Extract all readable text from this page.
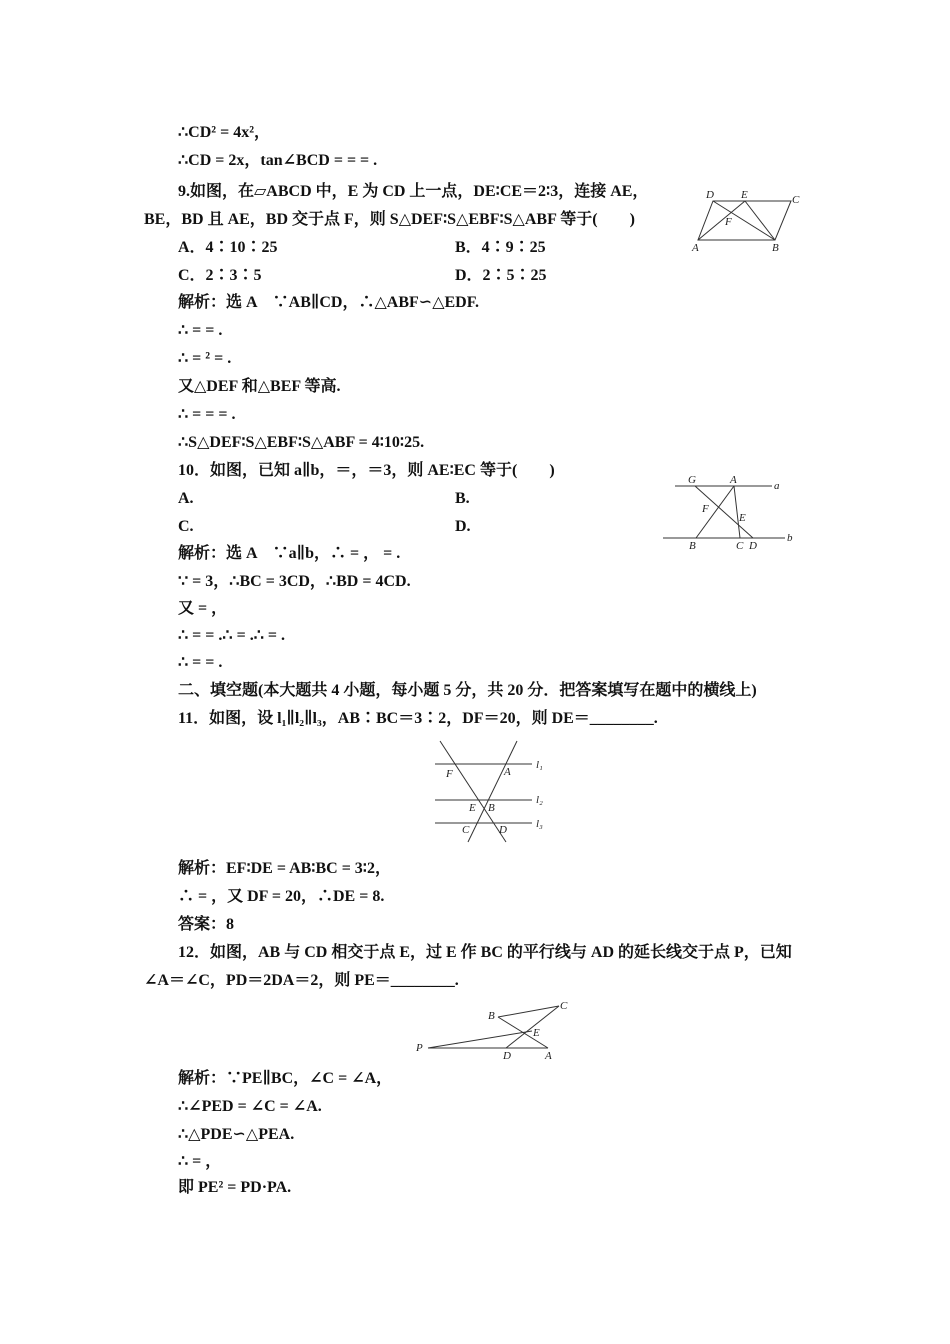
∴CD² = 4x²，
∴CD = 2x，tan∠BCD = = = .
9.如图，在▱ABCD 中，E 为 CD 上一点，DE∶CE＝2∶3，连接 AE，
BE，BD 且 AE，BD 交于点 F，则 S△DEF∶S△EBF∶S△ABF 等于(　　)
A．4∶10∶25	B．4∶9∶25
C．2∶3∶5	D．2∶5∶25
解析：选 A　∵AB∥CD，∴△ABF∽△EDF.
∴ = = .
∴ = ² = .
又△DEF 和△BEF 等高.
∴ = = = .
∴S△DEF∶S△EBF∶S△ABF = 4∶10∶25.
10．如图，已知 a∥b，＝，＝3，则 AE∶EC 等于(　　)
A.	B.
C.	D.
解析：选 A　∵a∥b，∴ = ， = .
∵ = 3，∴BC = 3CD，∴BD = 4CD.
又 = ，
∴ = = .∴ = .∴ = .
∴ = = .
二、填空题(本大题共 4 小题，每小题 5 分，共 20 分．把答案填写在题中的横线上)
11．如图，设 l₁∥l₂∥l₃，AB∶BC＝3∶2，DF＝20，则 DE＝________.
解析：EF∶DE = AB∶BC = 3∶2，
∴ = ，又 DF = 20，∴DE = 8.
答案：8
12．如图，AB 与 CD 相交于点 E，过 E 作 BC 的平行线与 AD 的延长线交于点 P，已知
∠A＝∠C，PD＝2DA＝2，则 PE＝________.
解析：∵PE∥BC，∠C = ∠A，
∴∠PED = ∠C = ∠A.
∴△PDE∽△PEA.
∴ = ，
即 PE² = PD·PA.
D E	C
F
A	B
G	A	a
F
E
B	C D
b
F	A
l₁
E B
l₂
C	D	l₃
B
C
E
P
D	A
